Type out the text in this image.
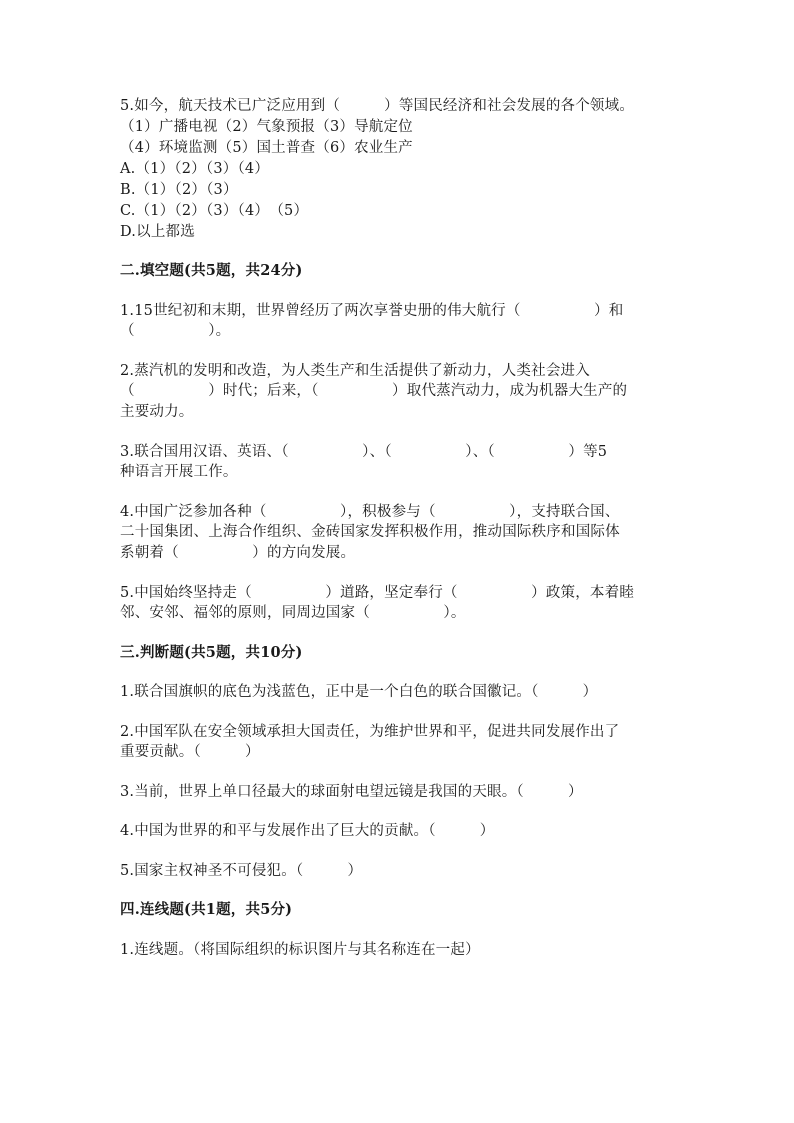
5.如今，航天技术已广泛应用到（　　　）等国民经济和社会发展的各个领域。
（1）广播电视（2）气象预报（3）导航定位
（4）环境监测（5）国土普查（6）农业生产
A.（1）（2）（3）（4）
B.（1）（2）（3）
C.（1）（2）（3）（4）　（5）
D.以上都选
二.填空题(共5题，共24分)
1.15世纪初和末期，世界曾经历了两次享誉史册的伟大航行（　　　　　）和
（　　　　　）。
2.蒸汽机的发明和改造，为人类生产和生活提供了新动力，人类社会进入
（　　　　　）时代；后来，（　　　　　）取代蒸汽动力，成为机器大生产的
主要动力。
3.联合国用汉语、英语、（　　　　　）、（　　　　　）、（　　　　　）等5
种语言开展工作。
4.中国广泛参加各种（　　　　　），积极参与（　　　　　），支持联合国、
二十国集团、上海合作组织、金砖国家发挥积极作用，推动国际秩序和国际体
系朝着（　　　　　）的方向发展。
5.中国始终坚持走（　　　　　）道路，坚定奉行（　　　　　）政策，本着睦
邻、安邻、福邻的原则，同周边国家（　　　　　）。
三.判断题(共5题，共10分)
1.联合国旗帜的底色为浅蓝色，正中是一个白色的联合国徽记。（　　　）
2.中国军队在安全领域承担大国责任，为维护世界和平，促进共同发展作出了
重要贡献。（　　　）
3.当前，世界上单口径最大的球面射电望远镜是我国的天眼。（　　　）
4.中国为世界的和平与发展作出了巨大的贡献。（　　　）
5.国家主权神圣不可侵犯。（　　　）
四.连线题(共1题，共5分)
1.连线题。（将国际组织的标识图片与其名称连在一起）
